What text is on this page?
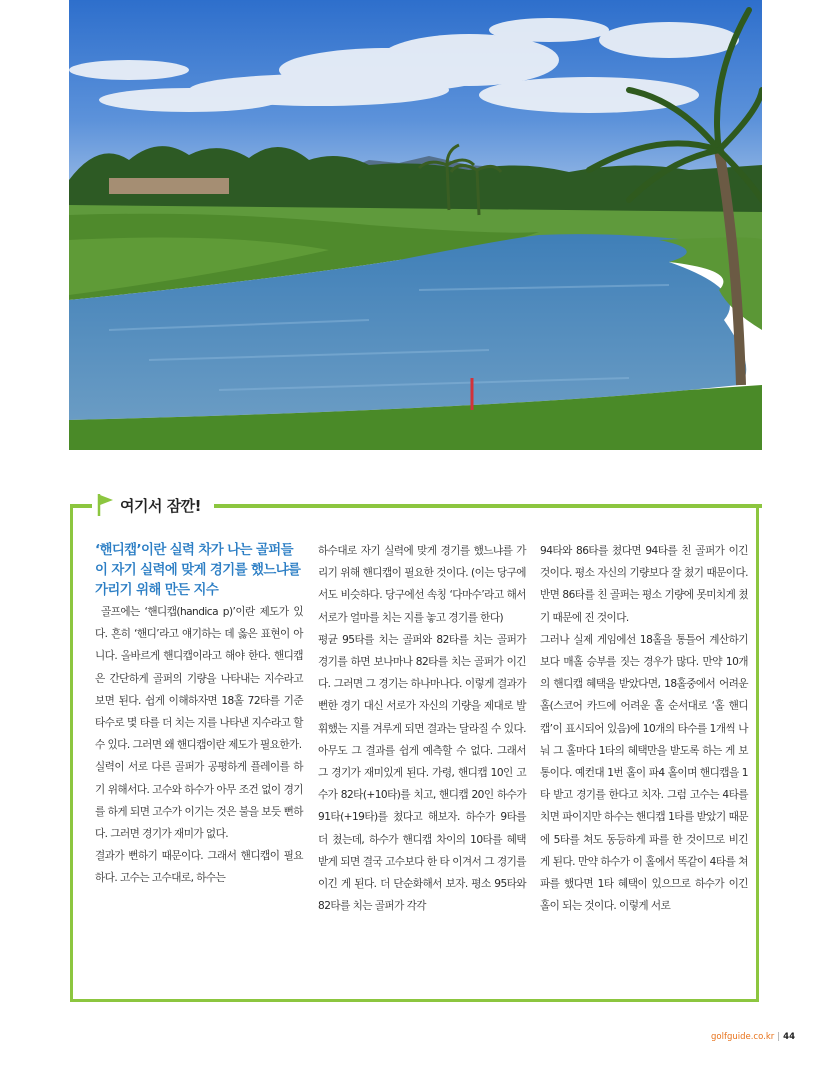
여기서 잠깐!

‘핸디캡’이란 실력 차가 나는 골퍼들이 자기 실력에 맞게 경기를 했느냐를 가리기 위해 만든 지수

골프에는 ‘핸디캡(handica p)’이란 제도가 있다. 흔히 ‘핸디’라고 얘기하는 데 옳은 표현이 아니다. 올바르게 핸디캡이라고 해야 한다. 핸디캡은 간단하게 골퍼의 기량을 나타내는 지수라고 보면 된다. 쉽게 이해하자면 18홀 72타를 기준 타수로 몇 타를 더 치는 지를 나타낸 지수라고 할 수 있다. 그러면 왜 핸디캡이란 제도가 필요한가.

실력이 서로 다른 골퍼가 공평하게 플레이를 하기 위해서다. 고수와 하수가 아무 조건 없이 경기를 하게 되면 고수가 이기는 것은 불을 보듯 뻔하다. 그러면 경기가 재미가 없다.

결과가 뻔하기 때문이다. 그래서 핸디캡이 필요하다. 고수는 고수대로, 하수는

하수대로 자기 실력에 맞게 경기를 했느냐를 가리기 위해 핸디캡이 필요한 것이다. (이는 당구에서도 비슷하다. 당구에선 속칭 ‘다마수’라고 해서 서로가 얼마를 치는 지를 놓고 경기를 한다)

평균 95타를 치는 골퍼와 82타를 치는 골퍼가 경기를 하면 보나마나 82타를 치는 골퍼가 이긴다. 그러면 그 경기는 하나마나다. 이렇게 결과가 뻔한 경기 대신 서로가 자신의 기량을 제대로 발휘했는 지를 겨루게 되면 결과는 달라질 수 있다. 아무도 그 결과를 쉽게 예측할 수 없다. 그래서 그 경기가 재미있게 된다. 가령, 핸디캡 10인 고수가 82타(+10타)를 치고, 핸디캡 20인 하수가 91타(+19타)를 쳤다고 해보자. 하수가 9타를 더 쳤는데, 하수가 핸디캡 차이의 10타를 혜택 받게 되면 결국 고수보다 한 타 이겨서 그 경기를 이긴 게 된다. 더 단순화해서 보자. 평소 95타와 82타를 치는 골퍼가 각각

94타와 86타를 쳤다면 94타를 친 골퍼가 이긴 것이다. 평소 자신의 기량보다 잘 쳤기 때문이다. 반면 86타를 친 골퍼는 평소 기량에 못미치게 쳤기 때문에 진 것이다.

그러나 실제 게임에선 18홀을 통틀어 계산하기보다 매홀 승부를 짓는 경우가 많다. 만약 10개의 핸디캡 혜택을 받았다면, 18홀중에서 어려운 홀(스코어 카드에 어려운 홀 순서대로 ‘홀 핸디캡’이 표시되어 있음)에 10개의 타수를 1개씩 나눠 그 홀마다 1타의 혜택만을 받도록 하는 게 보통이다. 예컨대 1번 홀이 파4 홀이며 핸디캡을 1타 받고 경기를 한다고 치자. 그럼 고수는 4타를 치면 파이지만 하수는 핸디캡 1타를 받았기 때문에 5타를 쳐도 동등하게 파를 한 것이므로 비긴 게 된다. 만약 하수가 이 홀에서 똑같이 4타를 쳐 파를 했다면 1타 혜택이 있으므로 하수가 이긴 홀이 되는 것이다. 이렇게 서로

golfguide.co.kr | 44
